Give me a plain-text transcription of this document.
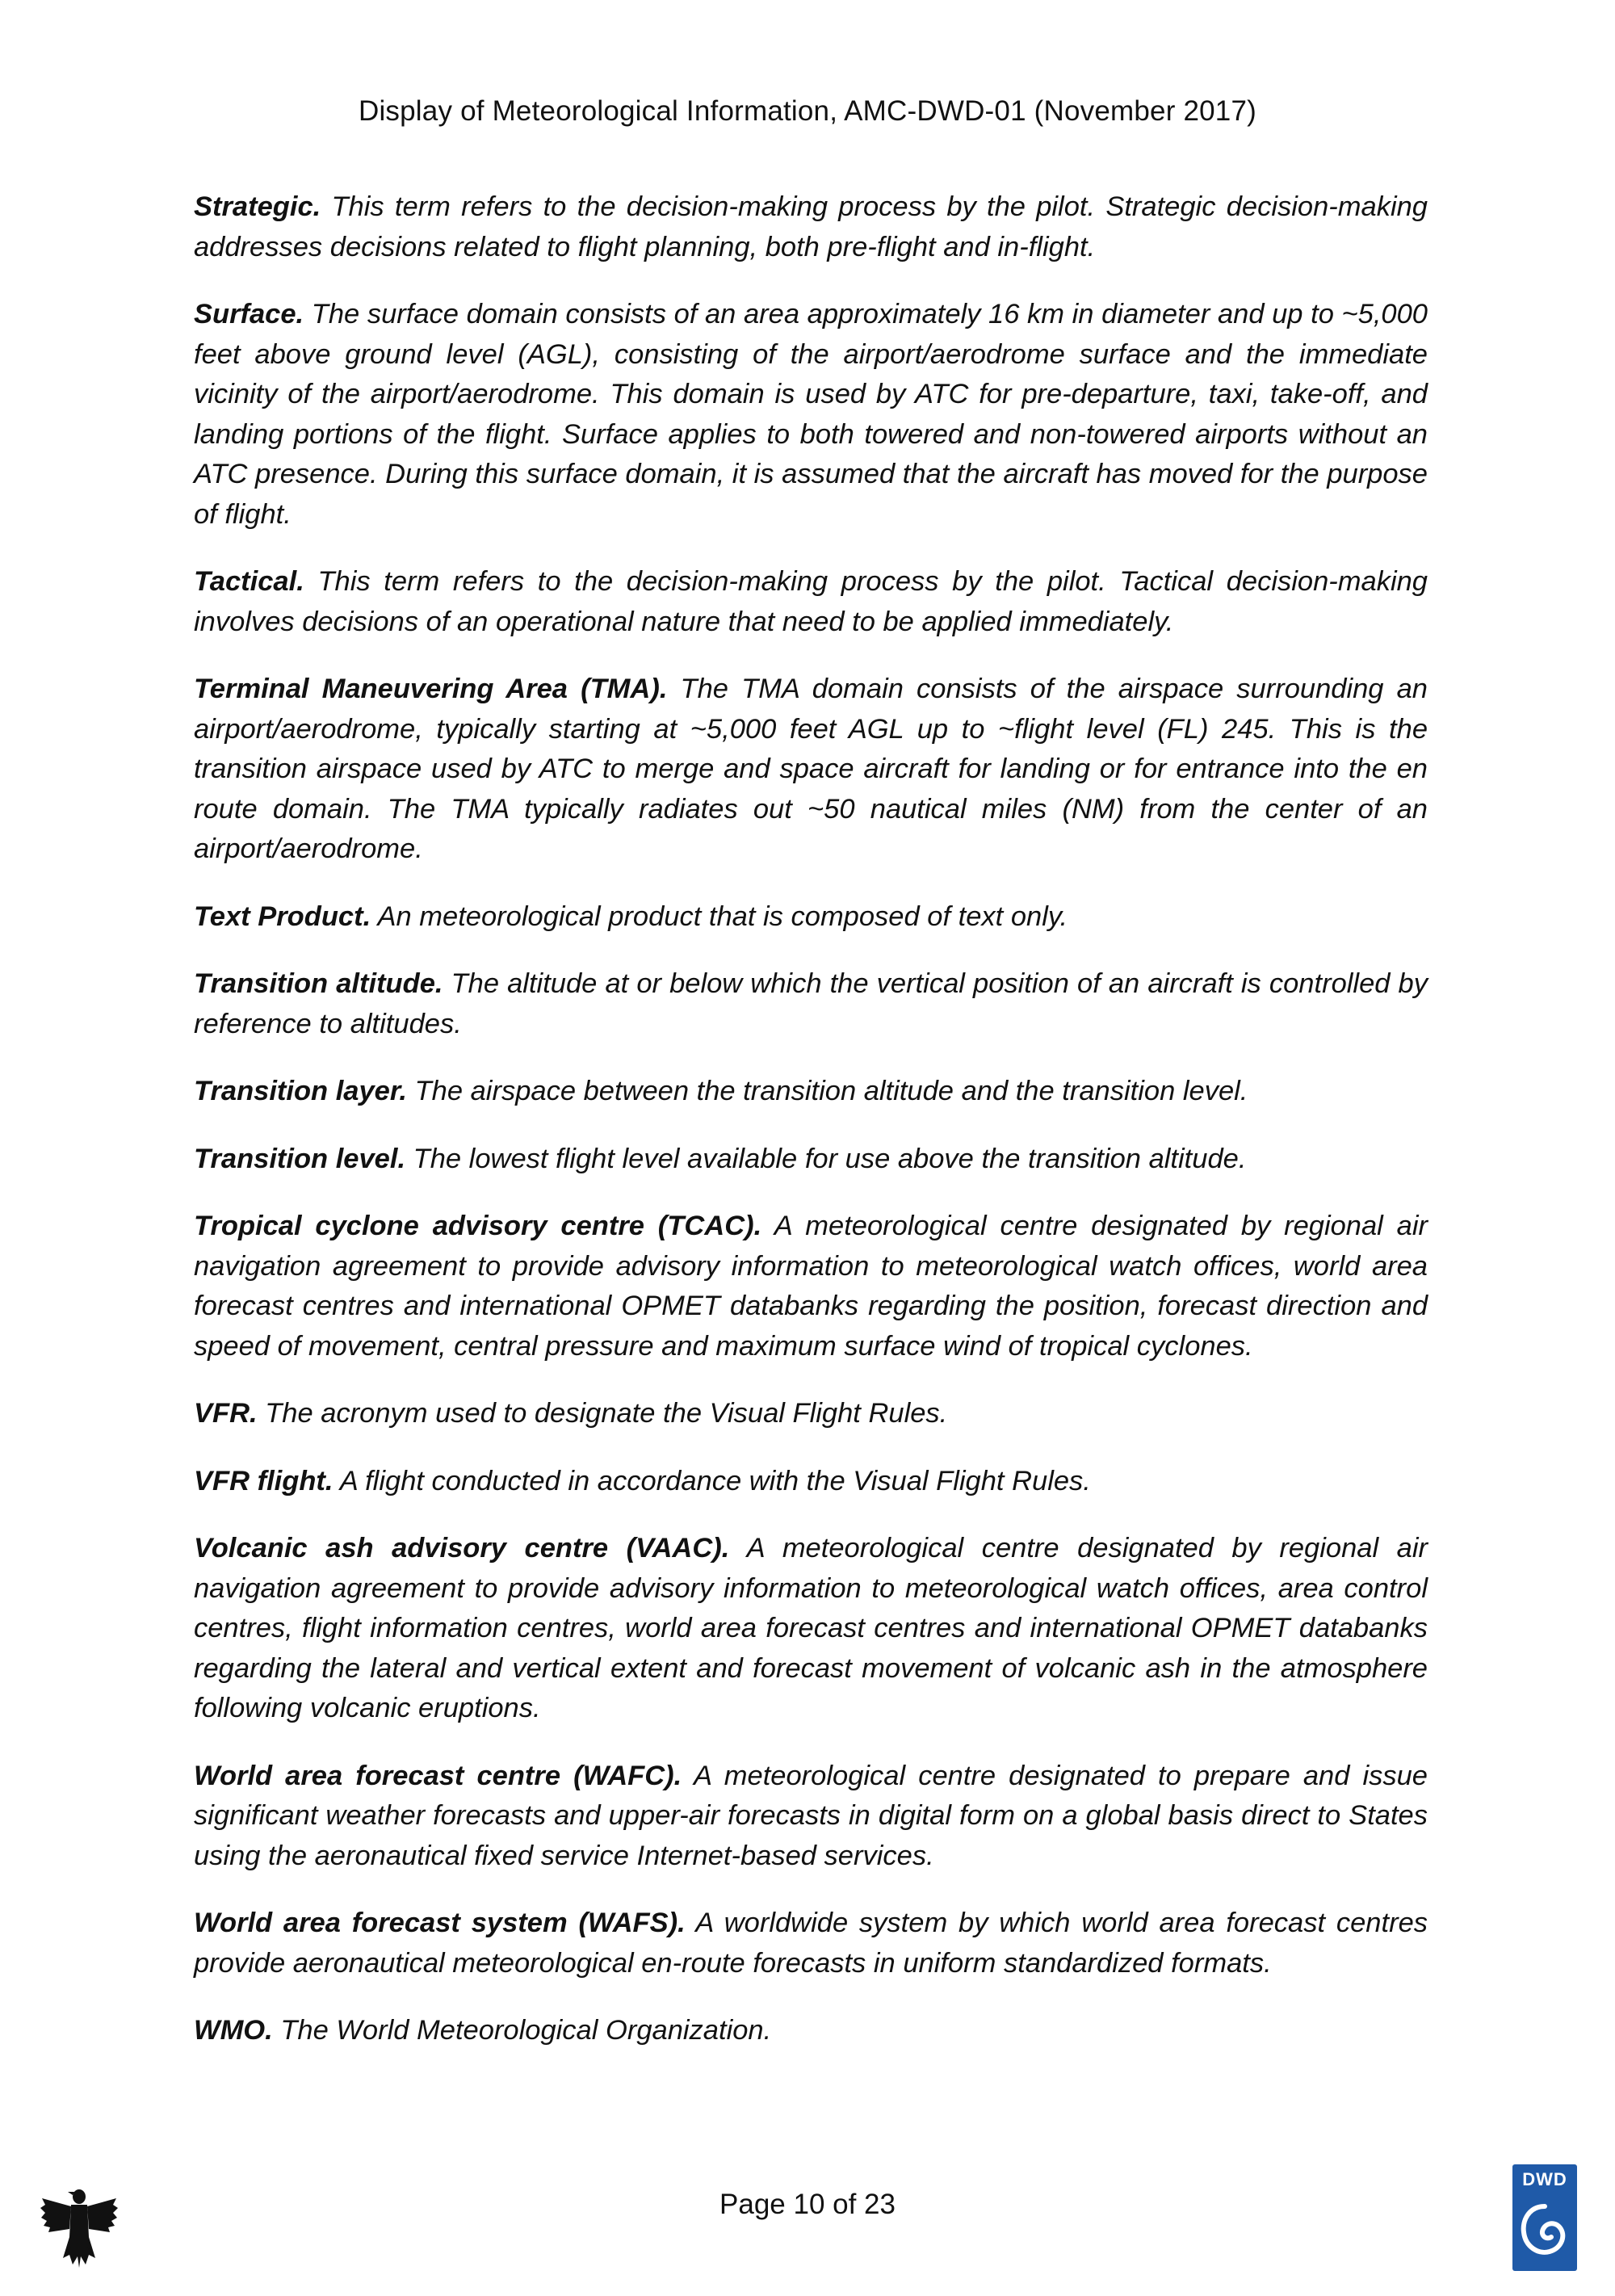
Display of Meteorological Information, AMC-DWD-01 (November 2017)

Strategic. This term refers to the decision-making process by the pilot. Strategic decision-making addresses decisions related to flight planning, both pre-flight and in-flight.

Surface. The surface domain consists of an area approximately 16 km in diameter and up to ~5,000 feet above ground level (AGL), consisting of the airport/aerodrome surface and the immediate vicinity of the airport/aerodrome. This domain is used by ATC for pre-departure, taxi, take-off, and landing portions of the flight. Surface applies to both towered and non-towered airports without an ATC presence. During this surface domain, it is assumed that the aircraft has moved for the purpose of flight.

Tactical. This term refers to the decision-making process by the pilot. Tactical decision-making involves decisions of an operational nature that need to be applied immediately.

Terminal Maneuvering Area (TMA). The TMA domain consists of the airspace surrounding an airport/aerodrome, typically starting at ~5,000 feet AGL up to ~flight level (FL) 245. This is the transition airspace used by ATC to merge and space aircraft for landing or for entrance into the en route domain. The TMA typically radiates out ~50 nautical miles (NM) from the center of an airport/aerodrome.

Text Product. An meteorological product that is composed of text only.

Transition altitude. The altitude at or below which the vertical position of an aircraft is controlled by reference to altitudes.

Transition layer. The airspace between the transition altitude and the transition level.

Transition level. The lowest flight level available for use above the transition altitude.

Tropical cyclone advisory centre (TCAC). A meteorological centre designated by regional air navigation agreement to provide advisory information to meteorological watch offices, world area forecast centres and international OPMET databanks regarding the position, forecast direction and speed of movement, central pressure and maximum surface wind of tropical cyclones.

VFR. The acronym used to designate the Visual Flight Rules.

VFR flight. A flight conducted in accordance with the Visual Flight Rules.

Volcanic ash advisory centre (VAAC). A meteorological centre designated by regional air navigation agreement to provide advisory information to meteorological watch offices, area control centres, flight information centres, world area forecast centres and international OPMET databanks regarding the lateral and vertical extent and forecast movement of volcanic ash in the atmosphere following volcanic eruptions.

World area forecast centre (WAFC). A meteorological centre designated to prepare and issue significant weather forecasts and upper-air forecasts in digital form on a global basis direct to States using the aeronautical fixed service Internet-based services.

World area forecast system (WAFS). A worldwide system by which world area forecast centres provide aeronautical meteorological en-route forecasts in uniform standardized formats.

WMO. The World Meteorological Organization.

Page 10 of 23
DWD
